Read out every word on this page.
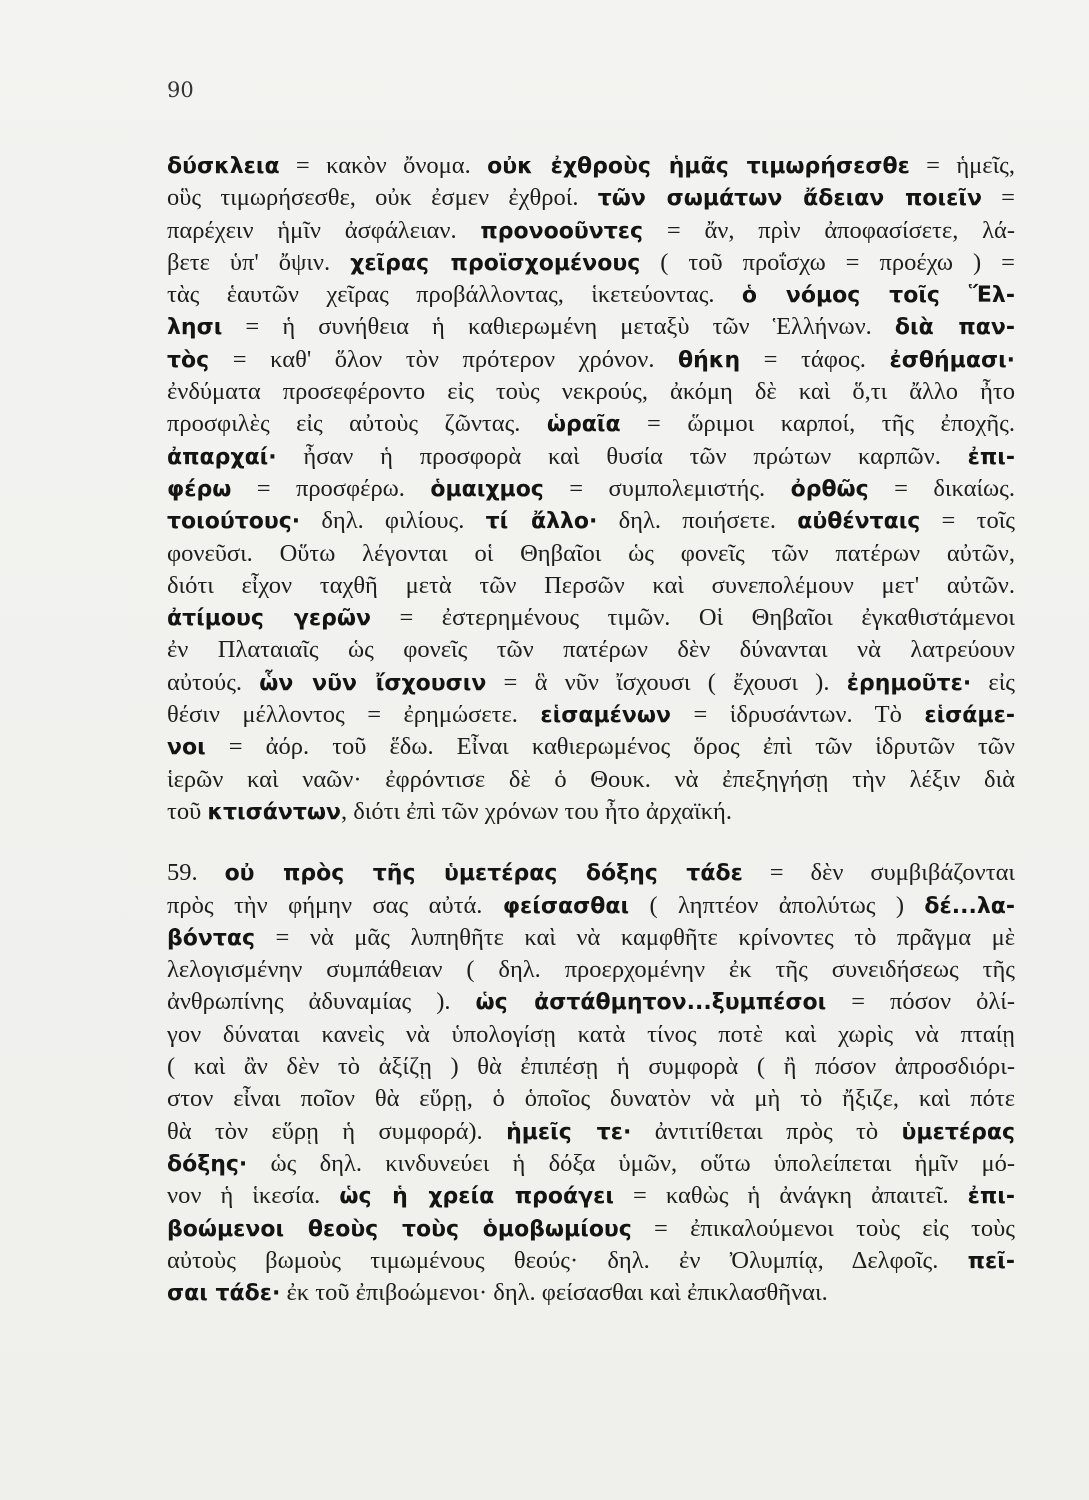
90
δύσκλεια = κακὸν ὄνομα. οὐκ ἐχθροὺς ἡμᾶς τιμωρήσεσθε = ἡμεῖς,
οὓς τιμωρήσεσθε, οὐκ ἐσμεν ἐχθροί. τῶν σωμάτων ἄδειαν ποιεῖν =
παρέχειν ἡμῖν ἀσφάλειαν. προνοοῦντες = ἄν, πρὶν ἀποφασίσετε, λά-
βετε ὑπ' ὄψιν. χεῖρας προϊσχομένους ( τοῦ προΐσχω = προέχω ) =
τὰς ἑαυτῶν χεῖρας προβάλλοντας, ἱκετεύοντας. ὁ νόμος τοῖς Ἕλ-
λησι = ἡ συνήθεια ἡ καθιερωμένη μεταξὺ τῶν Ἑλλήνων. διὰ παν-
τὸς = καθ' ὅλον τὸν πρότερον χρόνον. θήκη = τάφος. ἐσθήμασι·
ἐνδύματα προσεφέροντο εἰς τοὺς νεκρούς, ἀκόμη δὲ καὶ ὅ,τι ἄλλο ἦτο
προσφιλὲς εἰς αὐτοὺς ζῶντας. ὡραῖα = ὥριμοι καρποί, τῆς ἐποχῆς.
ἀπαρχαί· ἦσαν ἡ προσφορὰ καὶ θυσία τῶν πρώτων καρπῶν. ἐπι-
φέρω = προσφέρω. ὁμαιχμος = συμπολεμιστής. ὀρθῶς = δικαίως.
τοιούτους· δηλ. φιλίους. τί ἄλλο· δηλ. ποιήσετε. αὐθένταις = τοῖς
φονεῦσι. Οὕτω λέγονται οἱ Θηβαῖοι ὡς φονεῖς τῶν πατέρων αὐτῶν,
διότι εἶχον ταχθῆ μετὰ τῶν Περσῶν καὶ συνεπολέμουν μετ' αὐτῶν.
ἀτίμους γερῶν = ἐστερημένους τιμῶν. Οἱ Θηβαῖοι ἐγκαθιστάμενοι
ἐν Πλαταιαῖς ὡς φονεῖς τῶν πατέρων δὲν δύνανται νὰ λατρεύουν
αὐτούς. ὧν νῦν ἴσχουσιν = ἃ νῦν ἴσχουσι ( ἔχουσι ). ἐρημοῦτε· εἰς
θέσιν μέλλοντος = ἐρημώσετε. εἱσαμένων = ἱδρυσάντων. Τὸ εἱσάμε-
νοι = ἀόρ. τοῦ ἕδω. Εἶναι καθιερωμένος ὅρος ἐπὶ τῶν ἱδρυτῶν τῶν
ἱερῶν καὶ ναῶν· ἐφρόντισε δὲ ὁ Θουκ. νὰ ἐπεξηγήσῃ τὴν λέξιν διὰ
τοῦ κτισάντων, διότι ἐπὶ τῶν χρόνων του ἦτο ἀρχαϊκή.
59. οὐ πρὸς τῆς ὑμετέρας δόξης τάδε = δὲν συμβιβάζονται
πρὸς τὴν φήμην σας αὐτά. φείσασθαι ( ληπτέον ἀπολύτως ) δέ...λα-
βόντας = νὰ μᾶς λυπηθῆτε καὶ νὰ καμφθῆτε κρίνοντες τὸ πρᾶγμα μὲ
λελογισμένην συμπάθειαν ( δηλ. προερχομένην ἐκ τῆς συνειδήσεως τῆς
ἀνθρωπίνης ἀδυναμίας ). ὡς ἀστάθμητον...ξυμπέσοι = πόσον ὀλί-
γον δύναται κανεὶς νὰ ὑπολογίσῃ κατὰ τίνος ποτὲ καὶ χωρὶς νὰ πταίῃ
( καὶ ἂν δὲν τὸ ἀξίζῃ ) θὰ ἐπιπέσῃ ἡ συμφορὰ ( ἢ πόσον ἀπροσδιόρι-
στον εἶναι ποῖον θὰ εὕρῃ, ὁ ὁποῖος δυνατὸν νὰ μὴ τὸ ἤξιζε, καὶ πότε
θὰ τὸν εὕρῃ ἡ συμφορά). ἡμεῖς τε· ἀντιτίθεται πρὸς τὸ ὑμετέρας
δόξης· ὡς δηλ. κινδυνεύει ἡ δόξα ὑμῶν, οὕτω ὑπολείπεται ἡμῖν μό-
νον ἡ ἱκεσία. ὡς ἡ χρεία προάγει = καθὼς ἡ ἀνάγκη ἀπαιτεῖ. ἐπι-
βοώμενοι θεοὺς τοὺς ὁμοβωμίους = ἐπικαλούμενοι τοὺς εἰς τοὺς
αὐτοὺς βωμοὺς τιμωμένους θεούς· δηλ. ἐν Ὀλυμπίᾳ, Δελφοῖς. πεῖ-
σαι τάδε· ἐκ τοῦ ἐπιβοώμενοι· δηλ. φείσασθαι καὶ ἐπικλασθῆναι.
